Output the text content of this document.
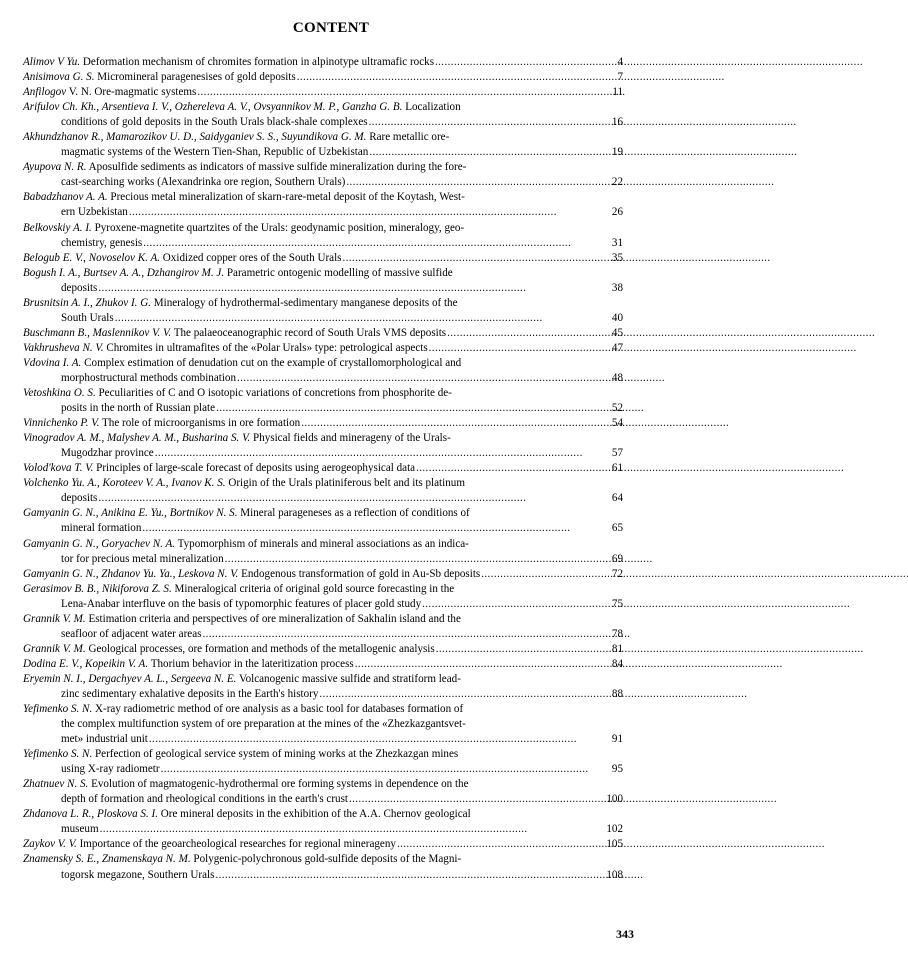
CONTENT
Alimov V Yu. Deformation mechanism of chromites formation in alpinotype ultramafic rocks . . .	4
Anisimova G. S. Micromineral paragenesises of gold deposits . . .	7
Anfilogov V. N. Ore-magmatic systems . . .	11
Arifulov Ch. Kh., Arsentieva I. V., Ozhereleva A. V., Ovsyannikov M. P., Ganzha G. B. Localization
conditions of gold deposits in the South Urals black-shale complexes . . .	16
Akhundzhanov R., Mamarozikov U. D., Saidyganiev S. S., Suyundikova G. M. Rare metallic ore-
magmatic systems of the Western Tien-Shan, Republic of Uzbekistan . . .	19
Ayupova N. R. Aposulfide sediments as indicators of massive sulfide mineralization during the fore-
cast-searching works (Alexandrinka ore region, Southern Urals) . . .	22
Babadzhanov A. A. Precious metal mineralization of skarn-rare-metal deposit of the Koytash, West-
ern Uzbekistan . . .	26
Belkovskiy A. I. Pyroxene-magnetite quartzites of the Urals: geodynamic position, mineralogy, geo-
chemistry, genesis . . .	31
Belogub E. V., Novoselov K. A. Oxidized copper ores of the South Urals . . .	35
Bogush I. A., Burtsev A. A., Dzhangirov M. J. Parametric ontogenic modelling of massive sulfide
deposits . . .	38
Brusnitsin A. I., Zhukov I. G. Mineralogy of hydrothermal-sedimentary manganese deposits of the
South Urals . . .	40
Buschmann B., Maslennikov V. V. The palaeoceanographic record of South Urals VMS deposits . . .	45
Vakhrusheva N. V. Chromites in ultramafites of the «Polar Urals» type: petrological aspects . . .	47
Vdovina I. A. Complex estimation of denudation cut on the example of crystallomorphological and
morphostructural methods combination . . .	48
Vetoshkina O. S. Peculiarities of C and O isotopic variations of concretions from phosphorite de-
posits in the north of Russian plate . . .	52
Vinnichenko P. V. The role of microorganisms in ore formation . . .	54
Vinogradov A. M., Malyshev A. M., Busharina S. V. Physical fields and mineragenу of the Urals-
Mugodzhar province . . .	57
Volod'kova T. V. Principles of large-scale forecast of deposits using aerogeophysical data . . .	61
Volchenko Yu. A., Koroteev V. A., Ivanov K. S. Origin of the Urals platiniferous belt and its platinum
deposits . . .	64
Gamyanin G. N., Anikina E. Yu., Bortnikov N. S. Mineral parageneses as a reflection of conditions of
mineral formation . . .	65
Gamyanin G. N., Goryachev N. A. Typomorphism of minerals and mineral associations as an indica-
tor for precious metal mineralization . . .	69
Gamyanin G. N., Zhdanov Yu. Ya., Leskova N. V. Endogenous transformation of gold in Au-Sb deposits . . .	72
Gerasimov B. B., Nikiforova Z. S. Mineralogical criteria of original gold source forecasting in the
Lena-Anabar interfluve on the basis of typomorphic features of placer gold study . . .	75
Grannik V. M. Estimation criteria and perspectives of ore mineralization of Sakhalin island and the
seafloor of adjacent water areas . . .	78
Grannik V. M. Geological processes, ore formation and methods of the metallogenic analysis . . .	81
Dodina E. V., Kopeikin V. A. Thorium behavior in the lateritization process . . .	84
Eryemin N. I., Dergachyev A. L., Sergeeva N. E. Volcanogenic massive sulfide and stratiform lead-
zinc sedimentary exhalative deposits in the Earth's history . . .	88
Yefimenko S. N. X-ray radiometric method of ore analysis as a basic tool for databases formation of
the complex multifunction system of ore preparation at the mines of the «Zhezkazgantsvet-
met» industrial unit . . .	91
Yefimenko S. N. Perfection of geological service system of mining works at the Zhezkazgan mines
using X-ray radiometr . . .	95
Zhatnuev N. S. Evolution of magmatogenic-hydrothermal ore forming systems in dependence on the
depth of formation and rheological conditions in the earth's crust . . .	100
Zhdanova L. R., Ploskova S. I. Ore mineral deposits in the exhibition of the A.A. Chernov geological
museum . . .	102
Zaykov V. V. Importance of the geoarcheological researches for regional mineragenу . . .	105
Znamensky S. E., Znamenskaya N. M. Polygenic-polychronous gold-sulfide deposits of the Magni-
togorsk megazone, Southern Urals . . .	108
343
